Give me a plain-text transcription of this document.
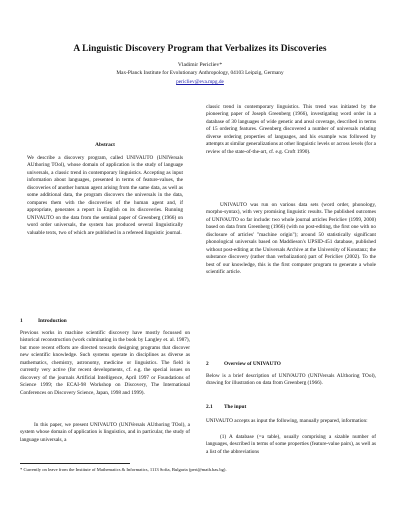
A Linguistic Discovery Program that Verbalizes its Discoveries
Vladimir Pericliev*
Max-Planck Institute for Evolutionary Anthropology, 04103 Leipzig, Germany
pericliev@eva.mpg.de
Abstract

We describe a discovery program, called UNIVAUTO (UNIVersals AUthoring TOol), whose domain of application is the study of language universals, a classic trend in contemporary linguistics. Accepting as input information about languages, presented in terms of feature-values, the discoveries of another human agent arising from the same data, as well as some additional data, the program discovers the universals in the data, compares them with the discoveries of the human agent and, if appropriate, generates a report in English on its discoveries. Running UNIVAUTO on the data from the seminal paper of Greenberg (1966) on word order universals, the system has produced several linguistically valuable texts, two of which are published in a refereed linguistic journal.

1	Introduction

Previous works in machine scientific discovery have mostly focussed on historical reconstruction (work culminating in the book by Langley et. al. 1987), but more recent efforts are directed towards designing programs that discover new scientific knowledge. Such systems operate in disciplines as diverse as mathematics, chemistry, astronomy, medicine or linguistics. The field is currently very active (for recent developments, cf. e.g. the special issues on discovery of the journals Artificial Intelligence, April 1997 or Foundations of Science 1999; the ECAI-98 Workshop on Discovery, The International Conferences on Discovery Science, Japan, 1998 and 1999).

In this paper, we present UNIVAUTO (UNIVersals AUthoring TOol), a system whose domain of application is linguistics, and in particular, the study of language universals, a

classic trend in contemporary linguistics. This trend was initiated by the pioneering paper of Joseph Greenberg (1966), investigating word order in a database of 30 languages of wide genetic and areal coverage, described in terms of 15 ordering features. Greenberg discovered a number of universals relating diverse ordering properties of languages, and his example was followed by attempts at similar generalizations at other linguistic levels or across levels (for a review of the state-of-the-art, cf. e.g. Croft 1990).

UNIVAUTO was run on various data sets (word order, phonology, morpho-syntax), with very promising linguistic results. The published outcomes of UNIVAUTO so far include: two whole journal articles Pericliev (1999, 2000) based on data from Greenberg (1966) (with no post-editing, the first one with no disclosure of articles' "machine origin"); around 50 statistically significant phonological universals based on Maddieson's UPSID-451 database, published without post-editing at the Universals Archive at the University of Konstanz; the substance discovery (rather than verbalization) part of Pericliev (2002). To the best of our knowledge, this is the first computer program to generate a whole scientific article.

2	Overview of UNIVAUTO

Below is a brief description of UNIVAUTO (UNIVersals AUthoring TOol), drawing for illustration on data from Greenberg (1966).

2.1 The input

UNIVAUTO accepts as input the following, manually prepared, information:

(1) A database (=a table), usually comprising a sizable number of languages, described in terms of some properties (feature-value pairs), as well as a list of the abbreviations

* Currently on leave from the Institute of Mathematics & Informatics, 1113 Sofia, Bulgaria (peri@math.bas.bg).
